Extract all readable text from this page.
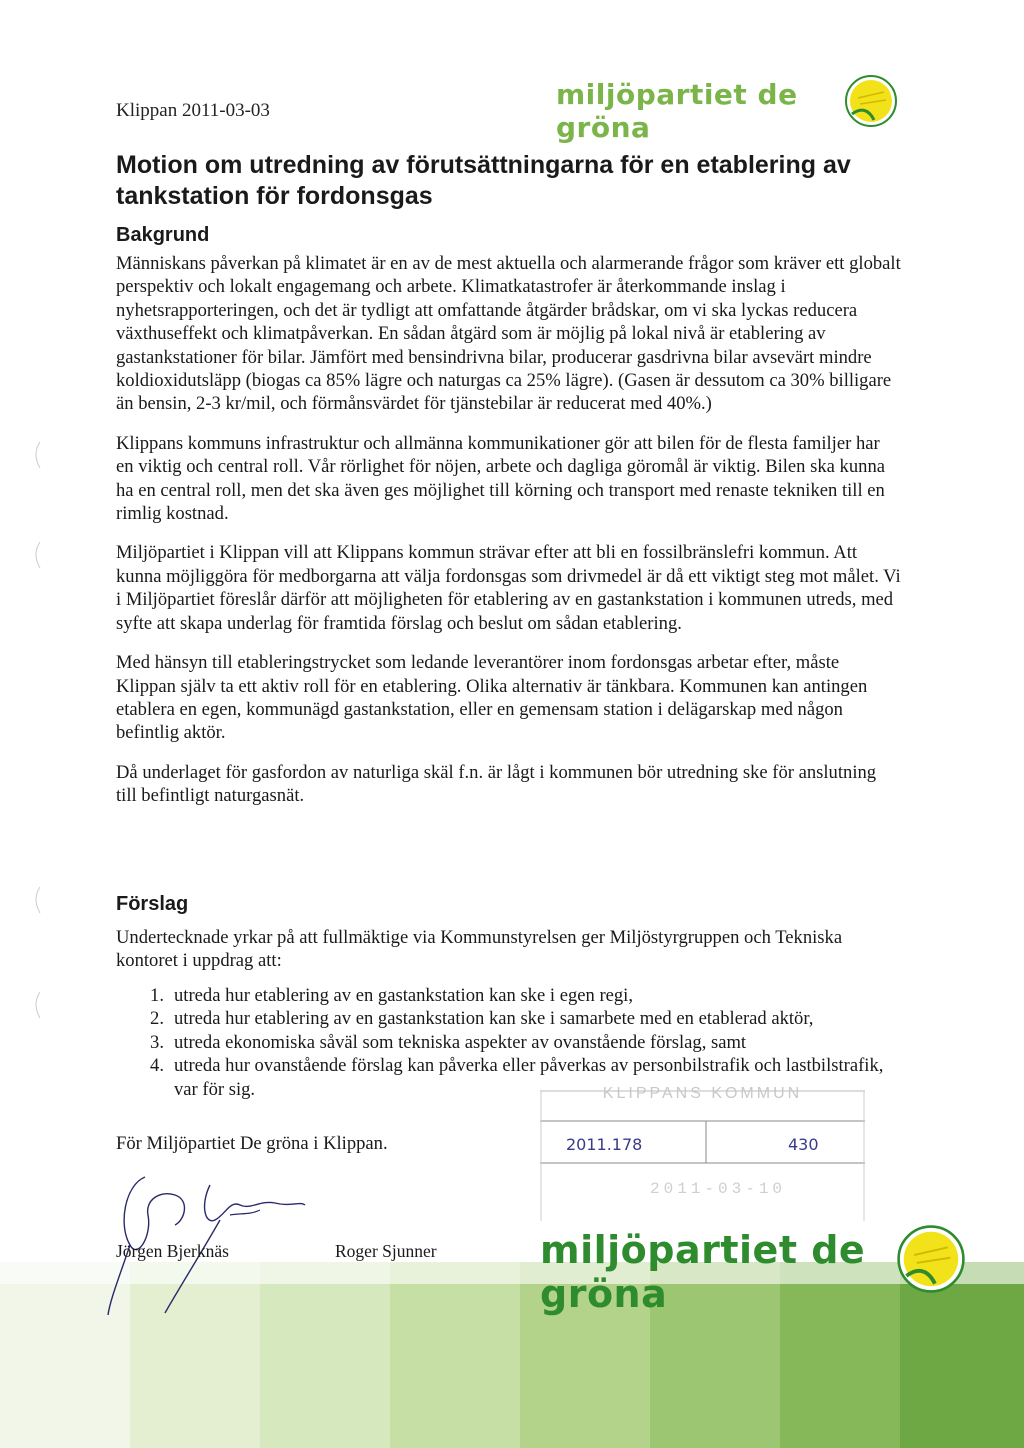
Klippan 2011-03-03	miljöpartiet de gröna
Motion om utredning av förutsättningarna för en etablering av tankstation för fordonsgas
Bakgrund

Människans påverkan på klimatet är en av de mest aktuella och alarmerande frågor som kräver ett globalt perspektiv och lokalt engagemang och arbete. Klimatkatastrofer är återkommande inslag i nyhetsrapporteringen, och det är tydligt att omfattande åtgärder brådskar, om vi ska lyckas reducera växthuseffekt och klimatpåverkan. En sådan åtgärd som är möjlig på lokal nivå är etablering av gastankstationer för bilar. Jämfört med bensindrivna bilar, producerar gasdrivna bilar avsevärt mindre koldioxidutsläpp (biogas ca 85% lägre och naturgas ca 25% lägre). (Gasen är dessutom ca 30% billigare än bensin, 2-3 kr/mil, och förmånsvärdet för tjänstebilar är reducerat med 40%.)

Klippans kommuns infrastruktur och allmänna kommunikationer gör att bilen för de flesta familjer har en viktig och central roll. Vår rörlighet för nöjen, arbete och dagliga göromål är viktig. Bilen ska kunna ha en central roll, men det ska även ges möjlighet till körning och transport med renaste tekniken till en rimlig kostnad.

Miljöpartiet i Klippan vill att Klippans kommun strävar efter att bli en fossilbränslefri kommun. Att kunna möjliggöra för medborgarna att välja fordonsgas som drivmedel är då ett viktigt steg mot målet. Vi i Miljöpartiet föreslår därför att möjligheten för etablering av en gastankstation i kommunen utreds, med syfte att skapa underlag för framtida förslag och beslut om sådan etablering.

Med hänsyn till etableringstrycket som ledande leverantörer inom fordonsgas arbetar efter, måste Klippan själv ta ett aktiv roll för en etablering. Olika alternativ är tänkbara. Kommunen kan antingen etablera en egen, kommunägd gastankstation, eller en gemensam station i delägarskap med någon befintlig aktör.

Då underlaget för gasfordon av naturliga skäl f.n. är lågt i kommunen bör utredning ske för anslutning till befintligt naturgasnät.

Förslag

Undertecknade yrkar på att fullmäktige via Kommunstyrelsen ger Miljöstyrgruppen och Tekniska kontoret i uppdrag att:

1. utreda hur etablering av en gastankstation kan ske i egen regi,
2. utreda hur etablering av en gastankstation kan ske i samarbete med en etablerad aktör,
3. utreda ekonomiska såväl som tekniska aspekter av ovanstående förslag, samt
4. utreda hur ovanstående förslag kan påverka eller påverkas av personbilstrafik och lastbilstrafik, var för sig.	KLIPPANS KOMMUN
2011.178	430
2011-03-10
För Miljöpartiet De gröna i Klippan.
miljöpartiet de gröna
Jörgen Bjerknäs	Roger Sjunner
